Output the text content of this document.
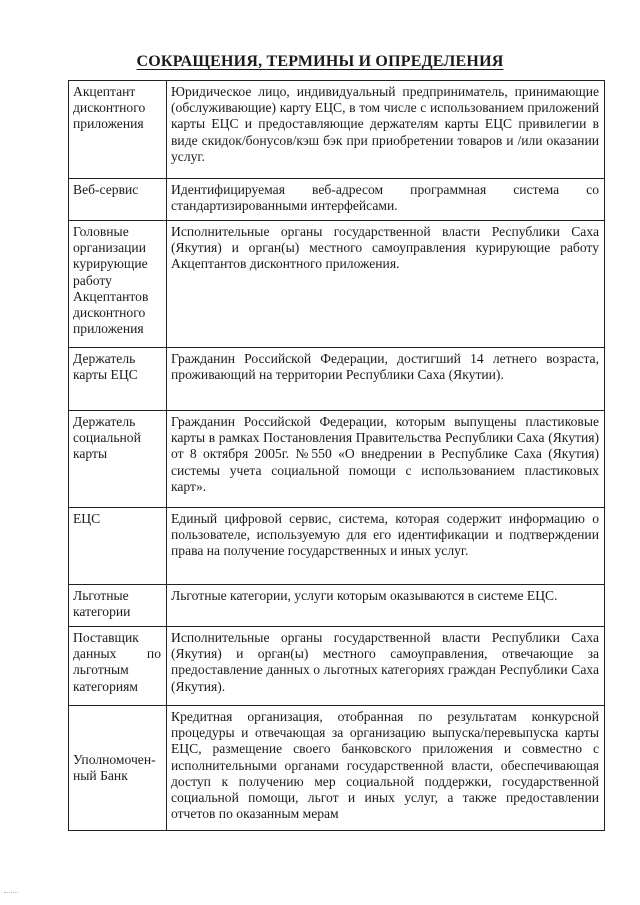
СОКРАЩЕНИЯ, ТЕРМИНЫ И ОПРЕДЕЛЕНИЯ
Акцептант дисконтного приложения	Юридическое лицо, индивидуальный предприниматель, принимающие (обслуживающие) карту ЕЦС, в том числе с использованием приложений карты ЕЦС и предоставляющие держателям карты ЕЦС привилегии в виде скидок/бонусов/кэш бэк при приобретении товаров и /или оказании услуг.
Веб-сервис	Идентифицируемая веб-адресом программная система со стандартизированными интерфейсами.
Головные организации курирующие работу Акцептантов дисконтного приложения	Исполнительные органы государственной власти Республики Саха (Якутия) и орган(ы) местного самоуправления курирующие работу Акцептантов дисконтного приложения.
Держатель карты ЕЦС	Гражданин Российской Федерации, достигший 14 летнего возраста, проживающий на территории Республики Саха (Якутии).
Держатель социальной карты	Гражданин Российской Федерации, которым выпущены пластиковые карты в рамках Постановления Правительства Республики Саха (Якутия) от 8 октября 2005г. №550 «О внедрении в Республике Саха (Якутия) системы учета социальной помощи с использованием пластиковых карт».
ЕЦС	Единый цифровой сервис, система, которая содержит информацию о пользователе, используемую для его идентификации и подтверждении права на получение государственных и иных услуг.
Льготные категории	Льготные категории, услуги которым оказываются в системе ЕЦС.
Поставщик данных по льготным категориям	Исполнительные органы государственной власти Республики Саха (Якутия) и орган(ы) местного самоуправления, отвечающие за предоставление данных о льготных категориях граждан Республики Саха (Якутия).
Уполномочен-ный Банк	Кредитная организация, отобранная по результатам конкурсной процедуры и отвечающая за организацию выпуска/перевыпуска карты ЕЦС, размещение своего банковского приложения и совместно с исполнительными органами государственной власти, обеспечивающая доступ к получению мер социальной поддержки, государственной социальной помощи, льгот и иных услуг, а также предоставлении отчетов по оказанным мерам
